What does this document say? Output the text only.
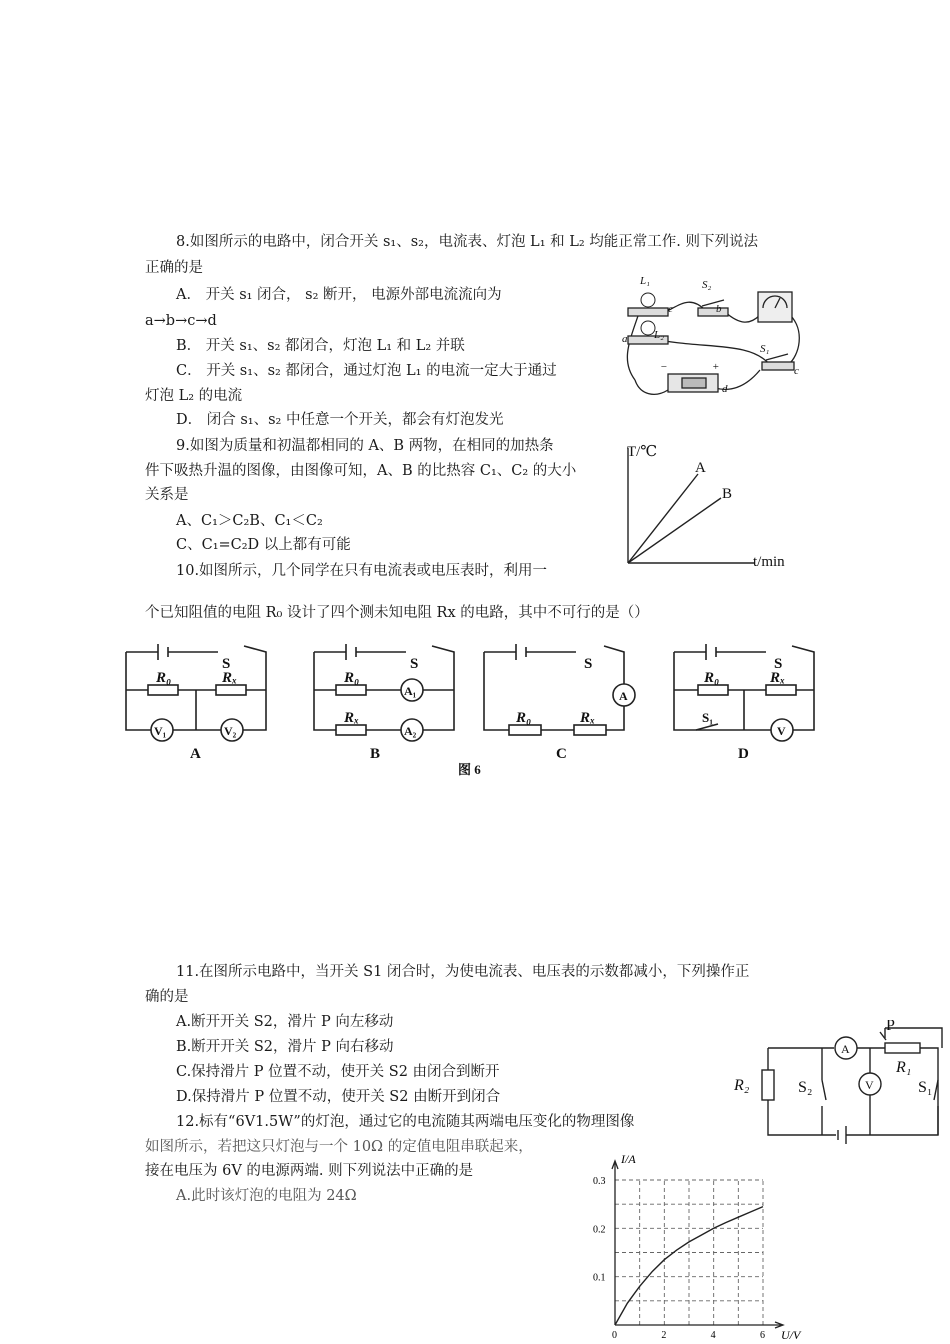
8.如图所示的电路中，闭合开关 s₁、s₂，电流表、灯泡 L₁ 和 L₂ 均能正常工作. 则下列说法
正确的是
A． 开关 s₁ 闭合， s₂ 断开， 电源外部电流流向为
a→b→c→d
B． 开关 s₁、s₂ 都闭合，灯泡 L₁ 和 L₂ 并联
C． 开关 s₁、s₂ 都闭合，通过灯泡 L₁ 的电流一定大于通过
灯泡 L₂ 的电流
D． 闭合 s₁、s₂ 中任意一个开关，都会有灯泡发光
L₁
L₂
S₂
S₁
a
b
c
d
e
−	+
9.如图为质量和初温都相同的 A、B 两物，在相同的加热条
件下吸热升温的图像，由图像可知，A、B 的比热容 C₁、C₂ 的大小
关系是
A、C₁＞C₂B、C₁＜C₂
C、C₁=C₂D 以上都有可能
T/℃
t/min
A
B
10.如图所示，几个同学在只有电流表或电压表时，利用一
个已知阻值的电阻 R₀ 设计了四个测未知电阻 Rx 的电路，其中不可行的是（）
S
R₀	Rₓ
V₁	V₂
A
S
R₀
Rₓ
A₁
A₂
B
S
R₀	Rₓ
A
C
S
R₀	Rₓ
S₁
V
D
图 6
11.在图所示电路中，当开关 S1 闭合时，为使电流表、电压表的示数都减小，下列操作正
确的是
A.断开开关 S2，滑片 P 向左移动
B.断开开关 S2，滑片 P 向右移动
C.保持滑片 P 位置不动，使开关 S2 由闭合到断开
D.保持滑片 P 位置不动，使开关 S2 由断开到闭合
P
R₁
R₂	S₂	S₁
A
V
12.标有“6V1.5W”的灯泡，通过它的电流随其两端电压变化的物理图像
如图所示，若把这只灯泡与一个 10Ω 的定值电阻串联起来，
接在电压为 6V 的电源两端. 则下列说法中正确的是
A.此时该灯泡的电阻为 24Ω
0	2	4	6
0.1
0.2
0.3
I/A
U/V
